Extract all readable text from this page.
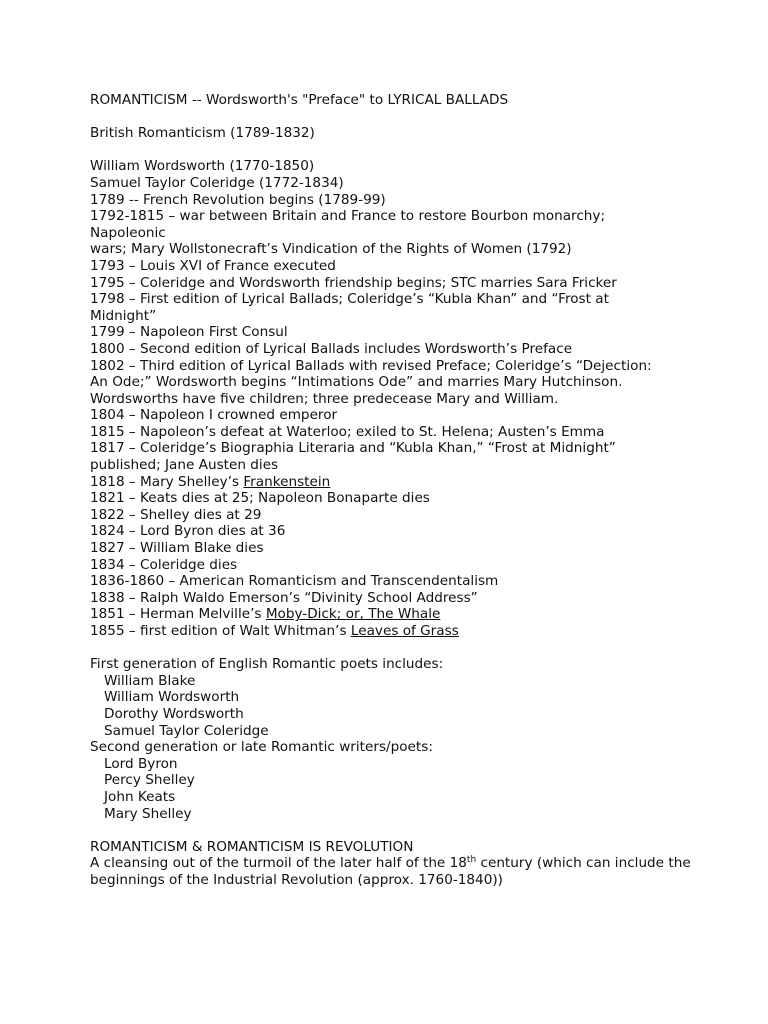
ROMANTICISM -- Wordsworth's "Preface" to LYRICAL BALLADS

British Romanticism (1789-1832)

William Wordsworth (1770-1850)

Samuel Taylor Coleridge (1772-1834)

1789 -- French Revolution begins (1789-99)

1792-1815 – war between Britain and France to restore Bourbon monarchy;

Napoleonic

wars; Mary Wollstonecraft’s Vindication of the Rights of Women (1792)

1793 – Louis XVI of France executed

1795 – Coleridge and Wordsworth friendship begins; STC marries Sara Fricker

1798 – First edition of Lyrical Ballads; Coleridge’s “Kubla Khan” and “Frost at

Midnight”

1799 – Napoleon First Consul

1800 – Second edition of Lyrical Ballads includes Wordsworth’s Preface

1802 – Third edition of Lyrical Ballads with revised Preface; Coleridge’s “Dejection:

An Ode;” Wordsworth begins “Intimations Ode” and marries Mary Hutchinson.

Wordsworths have five children; three predecease Mary and William.

1804 – Napoleon I crowned emperor

1815 – Napoleon’s defeat at Waterloo; exiled to St. Helena; Austen’s Emma

1817 – Coleridge’s Biographia Literaria and “Kubla Khan,” “Frost at Midnight”

published; Jane Austen dies

1818 – Mary Shelley’s Frankenstein

1821 – Keats dies at 25; Napoleon Bonaparte dies

1822 – Shelley dies at 29

1824 – Lord Byron dies at 36

1827 – William Blake dies

1834 – Coleridge dies

1836-1860 – American Romanticism and Transcendentalism

1838 – Ralph Waldo Emerson’s “Divinity School Address”

1851 – Herman Melville’s Moby-Dick; or, The Whale

1855 – first edition of Walt Whitman’s Leaves of Grass

First generation of English Romantic poets includes:

William Blake

William Wordsworth

Dorothy Wordsworth

Samuel Taylor Coleridge

Second generation or late Romantic writers/poets:

Lord Byron

Percy Shelley

John Keats

Mary Shelley

ROMANTICISM & ROMANTICISM IS REVOLUTION

A cleansing out of the turmoil of the later half of the 18th century (which can include the beginnings of the Industrial Revolution (approx. 1760-1840))
